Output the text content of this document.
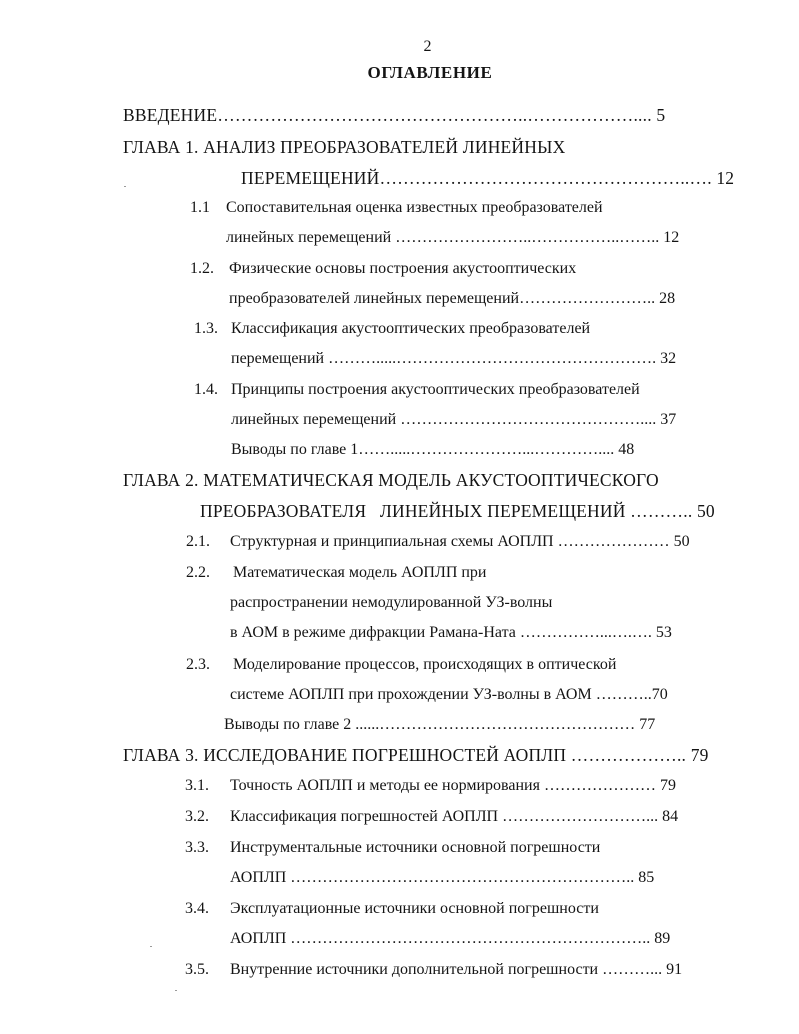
2
ОГЛАВЛЕНИЕ
ВВЕДЕНИЕ……………………………………………..……………….... 5
ГЛАВА 1. АНАЛИЗ ПРЕОБРАЗОВАТЕЛЕЙ ЛИНЕЙНЫХ
ПЕРЕМЕЩЕНИЙ……………………………………………..…. 12
1.1 Сопоставительная оценка известных преобразователей
линейных перемещений ……………………..……………..…….. 12
1.2. Физические основы построения акустооптических
преобразователей линейных перемещений…………………….. 28
1.3. Классификация акустооптических преобразователей
перемещений ……….....…………………………………………. 32
1.4. Принципы построения акустооптических преобразователей
линейных перемещений ……………………………………….... 37
Выводы по главе 1…….....…………………...………….... 48
ГЛАВА 2. МАТЕМАТИЧЕСКАЯ МОДЕЛЬ АКУСТООПТИЧЕСКОГО
ПРЕОБРАЗОВАТЕЛЯ   ЛИНЕЙНЫХ ПЕРЕМЕЩЕНИЙ ……….. 50
2.1. Структурная и принципиальная схемы АОПЛП ………………… 50
2.2. Математическая модель АОПЛП при
распространении немодулированной УЗ-волны
в АОМ в режиме дифракции Рамана-Ната ……………...….…. 53
2.3. Моделирование процессов, происходящих в оптической
системе АОПЛП при прохождении УЗ-волны в АОМ ………..70
Выводы по главе 2 ......………………………………………… 77
ГЛАВА 3. ИССЛЕДОВАНИЕ ПОГРЕШНОСТЕЙ АОПЛП ……………….. 79
3.1. Точность АОПЛП и методы ее нормирования ………………… 79
3.2. Классификация погрешностей АОПЛП ………………………... 84
3.3. Инструментальные источники основной погрешности
АОПЛП ……………………………………………………….. 85
3.4. Эксплуатационные источники основной погрешности
АОПЛП ………………………………………………………….. 89
3.5. Внутренние источники дополнительной погрешности ………... 91
